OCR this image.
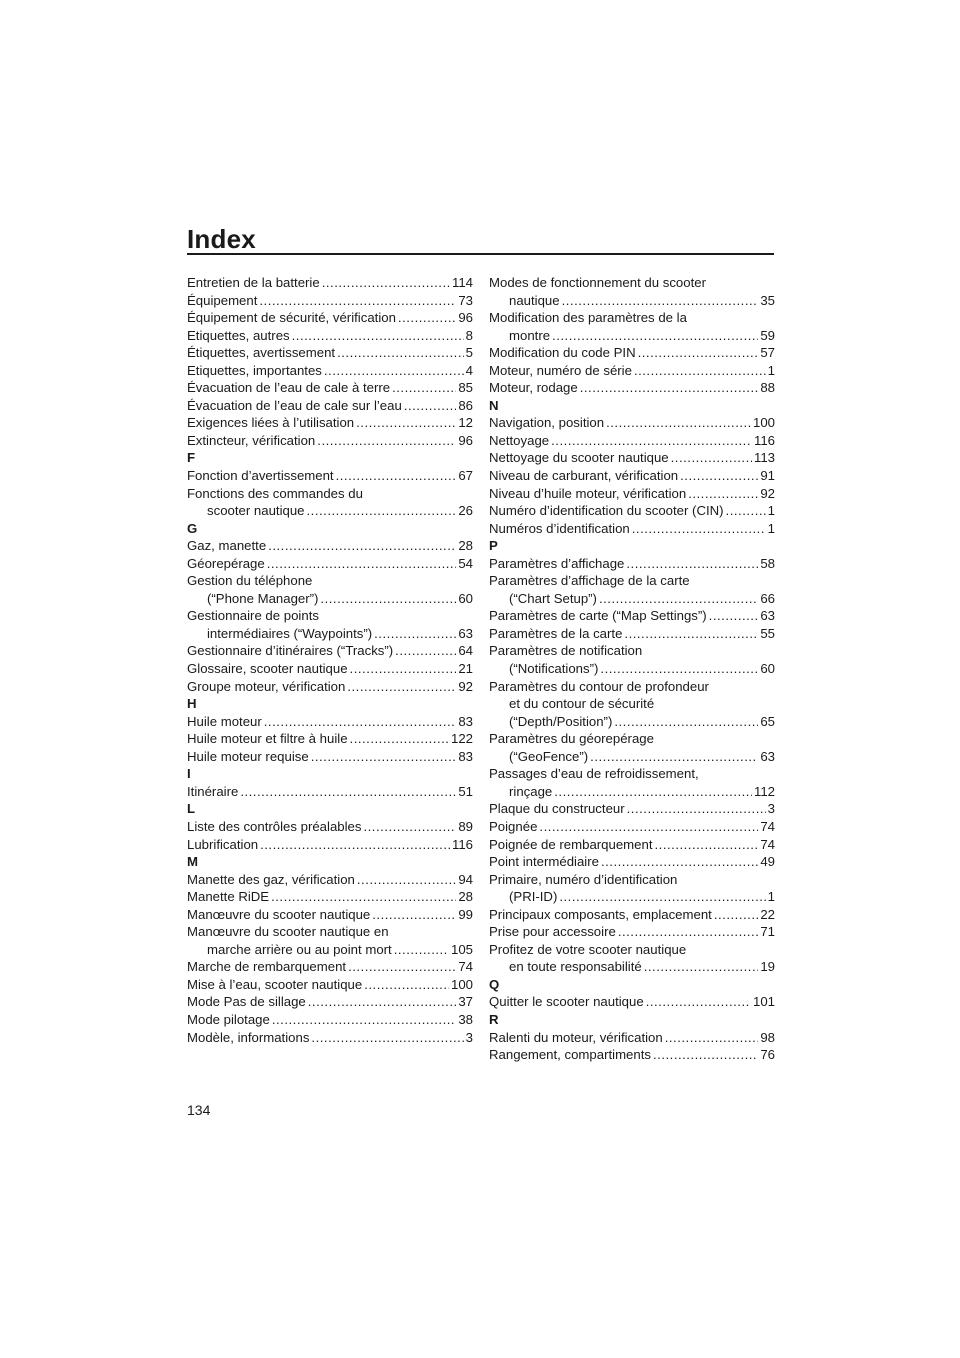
Index
Entretien de la batterie .....	114
Équipement .....	73
Équipement de sécurité, vérification .....	96
Etiquettes, autres .....	8
Étiquettes, avertissement .....	5
Etiquettes, importantes .....	4
Évacuation de l’eau de cale à terre .....	85
Évacuation de l’eau de cale sur l’eau .....	86
Exigences liées à l’utilisation .....	12
Extincteur, vérification .....	96
F
Fonction d’avertissement .....	67
Fonctions des commandes du
scooter nautique .....	26
G
Gaz, manette .....	28
Géorepérage .....	54
Gestion du téléphone
(“Phone Manager”) .....	60
Gestionnaire de points
intermédiaires (“Waypoints”) .....	63
Gestionnaire d’itinéraires (“Tracks”) .....	64
Glossaire, scooter nautique .....	21
Groupe moteur, vérification .....	92
H
Huile moteur .....	83
Huile moteur et filtre à huile .....	122
Huile moteur requise .....	83
I
Itinéraire .....	51
L
Liste des contrôles préalables .....	89
Lubrification .....	116
M
Manette des gaz, vérification .....	94
Manette RiDE .....	28
Manœuvre du scooter nautique .....	99
Manœuvre du scooter nautique en
marche arrière ou au point mort .....	105
Marche de rembarquement .....	74
Mise à l’eau, scooter nautique .....	100
Mode Pas de sillage .....	37
Mode pilotage .....	38
Modèle, informations .....	3
Modes de fonctionnement du scooter
nautique .....	35
Modification des paramètres de la
montre .....	59
Modification du code PIN .....	57
Moteur, numéro de série .....	1
Moteur, rodage .....	88
N
Navigation, position .....	100
Nettoyage .....	116
Nettoyage du scooter nautique .....	113
Niveau de carburant, vérification .....	91
Niveau d’huile moteur, vérification .....	92
Numéro d’identification du scooter (CIN) .....	1
Numéros d’identification .....	1
P
Paramètres d’affichage .....	58
Paramètres d’affichage de la carte
(“Chart Setup”) .....	66
Paramètres de carte (“Map Settings”) .....	63
Paramètres de la carte .....	55
Paramètres de notification
(“Notifications”) .....	60
Paramètres du contour de profondeur
et du contour de sécurité
(“Depth/Position”) .....	65
Paramètres du géorepérage
(“GeoFence”) .....	63
Passages d’eau de refroidissement,
rinçage .....	112
Plaque du constructeur .....	3
Poignée .....	74
Poignée de rembarquement .....	74
Point intermédiaire .....	49
Primaire, numéro d’identification
(PRI-ID) .....	1
Principaux composants, emplacement .....	22
Prise pour accessoire .....	71
Profitez de votre scooter nautique
en toute responsabilité .....	19
Q
Quitter le scooter nautique .....	101
R
Ralenti du moteur, vérification .....	98
Rangement, compartiments .....	76
134
